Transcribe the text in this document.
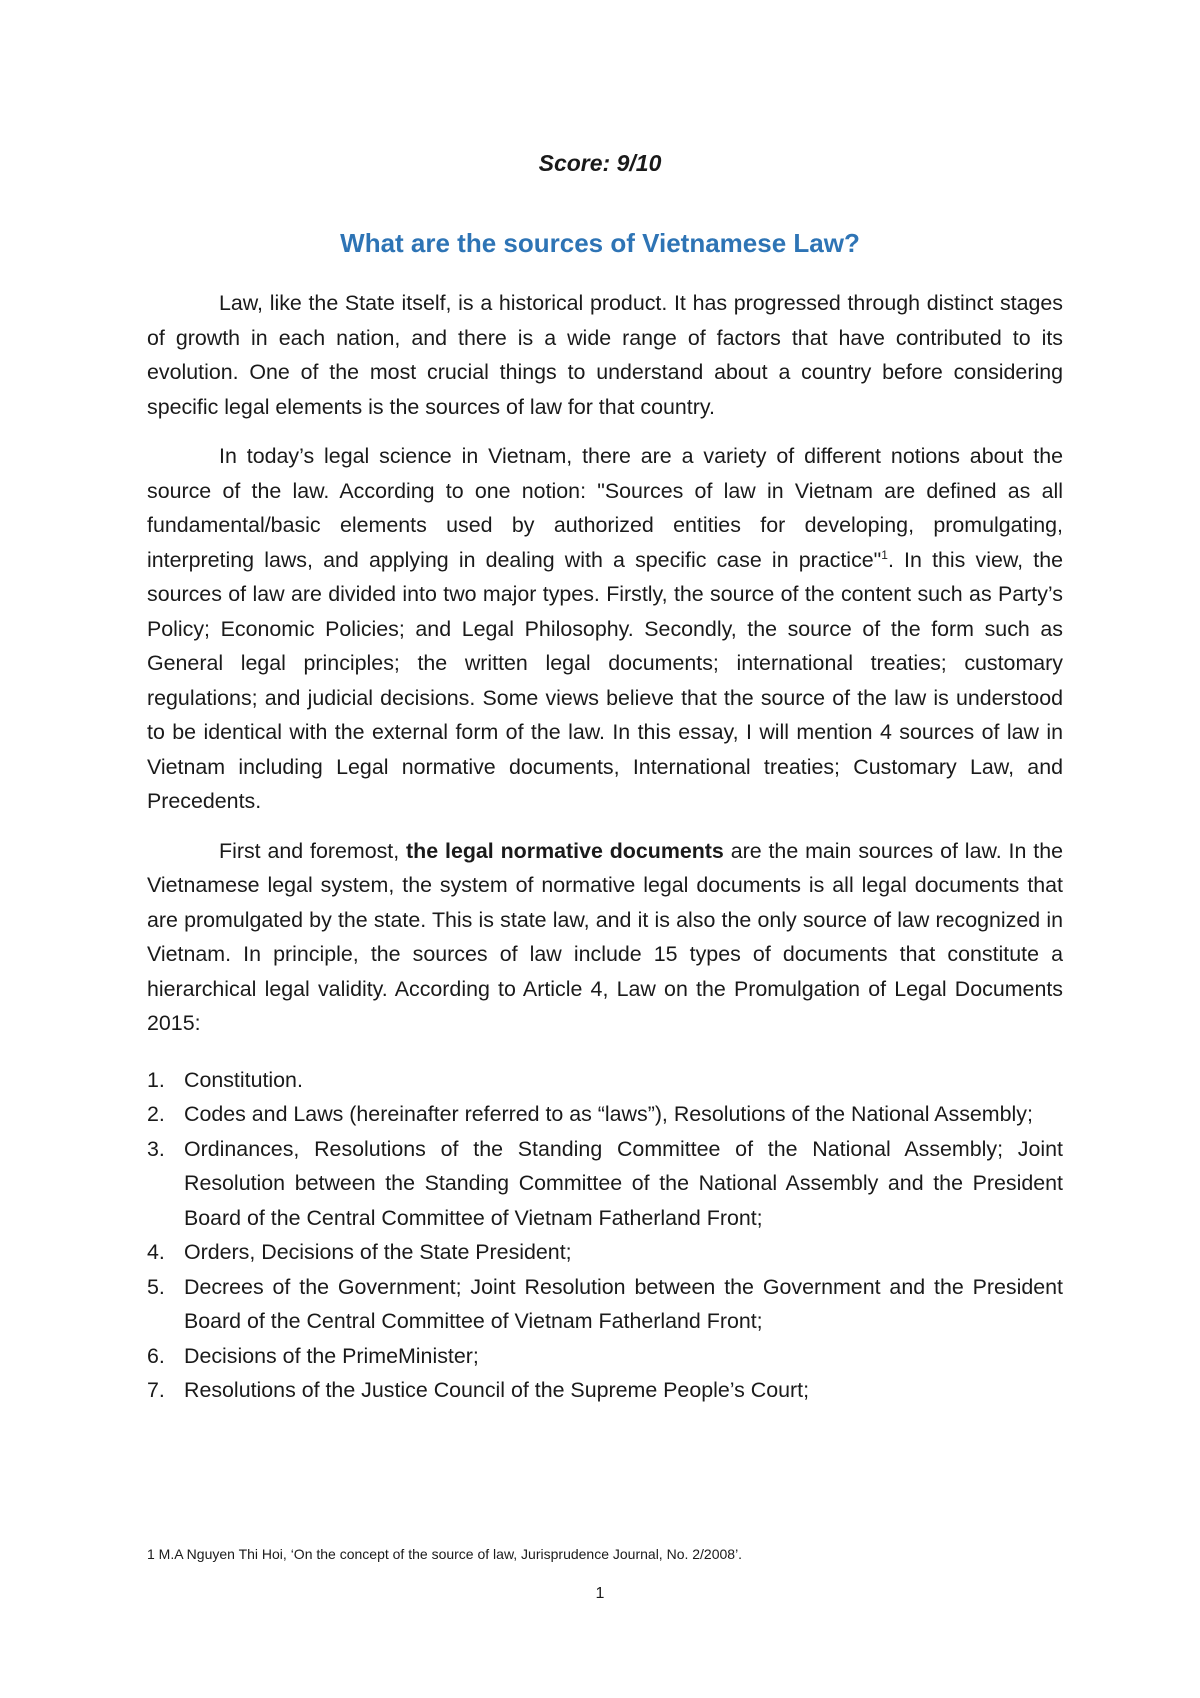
Score: 9/10

What are the sources of Vietnamese Law?

Law, like the State itself, is a historical product. It has progressed through distinct stages of growth in each nation, and there is a wide range of factors that have contributed to its evolution. One of the most crucial things to understand about a country before considering specific legal elements is the sources of law for that country.

In today’s legal science in Vietnam, there are a variety of different notions about the source of the law. According to one notion: "Sources of law in Vietnam are defined as all fundamental/basic elements used by authorized entities for developing, promulgating, interpreting laws, and applying in dealing with a specific case in practice"$^1$. In this view, the sources of law are divided into two major types. Firstly, the source of the content such as Party’s Policy; Economic Policies; and Legal Philosophy. Secondly, the source of the form such as General legal principles; the written legal documents; international treaties; customary regulations; and judicial decisions. Some views believe that the source of the law is understood to be identical with the external form of the law. In this essay, I will mention 4 sources of law in Vietnam including Legal normative documents, International treaties; Customary Law, and Precedents.

First and foremost, the legal normative documents are the main sources of law. In the Vietnamese legal system, the system of normative legal documents is all legal documents that are promulgated by the state. This is state law, and it is also the only source of law recognized in Vietnam. In principle, the sources of law include 15 types of documents that constitute a hierarchical legal validity. According to Article 4, Law on the Promulgation of Legal Documents 2015:

1. Constitution.
2. Codes and Laws (hereinafter referred to as “laws”), Resolutions of the National Assembly;
3. Ordinances, Resolutions of the Standing Committee of the National Assembly; Joint Resolution between the Standing Committee of the National Assembly and the President Board of the Central Committee of Vietnam Fatherland Front;
4. Orders, Decisions of the State President;
5. Decrees of the Government; Joint Resolution between the Government and the President Board of the Central Committee of Vietnam Fatherland Front;
6. Decisions of the PrimeMinister;
7. Resolutions of the Justice Council of the Supreme People’s Court;

1 M.A Nguyen Thi Hoi, ‘On the concept of the source of law, Jurisprudence Journal, No. 2/2008’.

1
